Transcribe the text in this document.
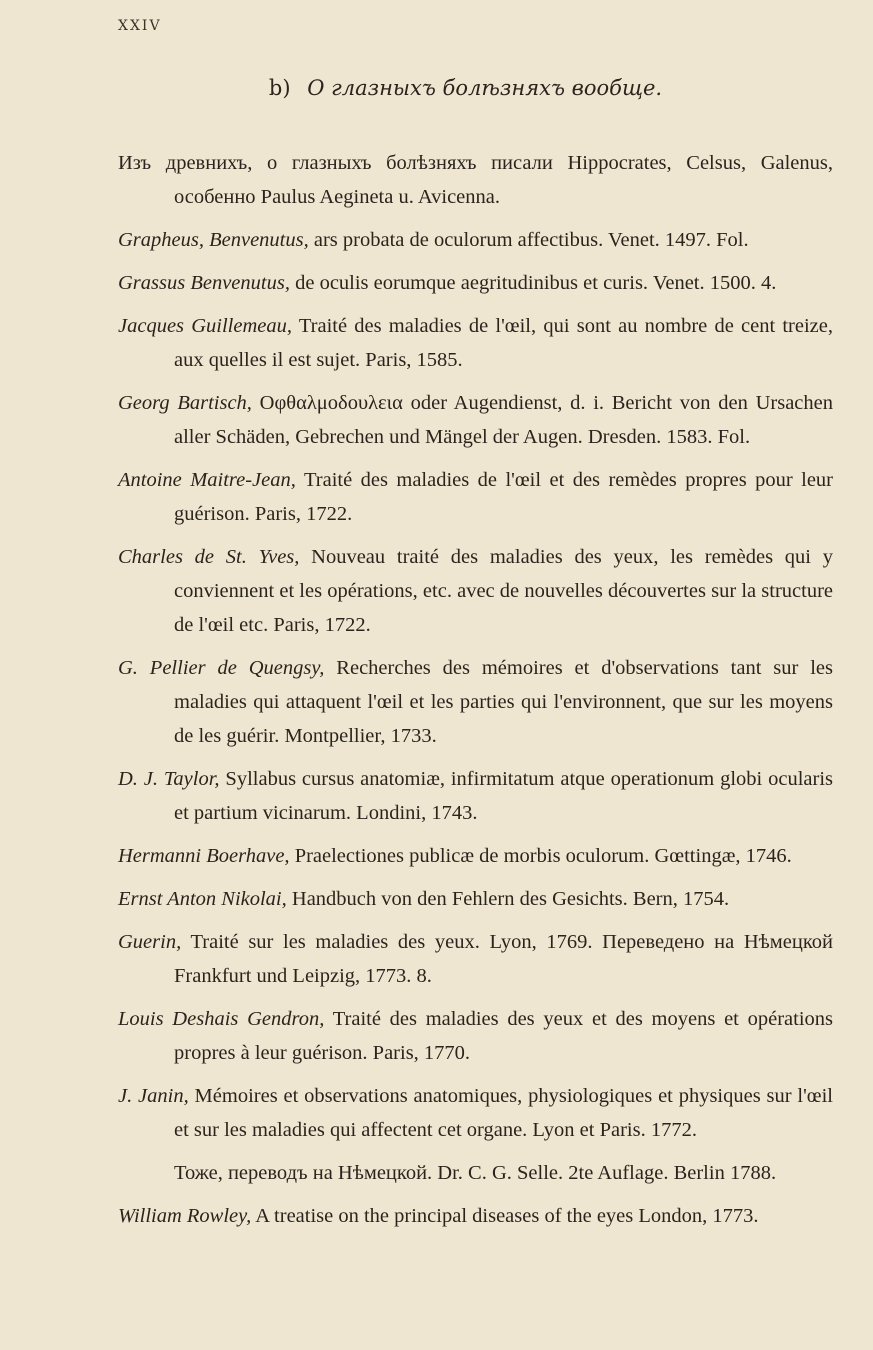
XXIV
b) О глазныхъ болѣзняхъ вообще.
Изъ древнихъ, о глазныхъ болѣзняхъ писали Hippocrates, Celsus, Galenus, особенно Paulus Aegineta u. Avicenna.
Grapheus, Benvenutus, ars probata de oculorum affectibus. Venet. 1497. Fol.
Grassus Benvenutus, de oculis eorumque aegritudinibus et curis. Venet. 1500. 4.
Jacques Guillemeau, Traité des maladies de l'œil, qui sont au nombre de cent treize, aux quelles il est sujet. Paris, 1585.
Georg Bartisch, Οφθαλμοδουλεια oder Augendienst, d. i. Bericht von den Ursachen aller Schäden, Gebrechen und Mängel der Augen. Dresden. 1583. Fol.
Antoine Maitre-Jean, Traité des maladies de l'œil et des remèdes propres pour leur guérison. Paris, 1722.
Charles de St. Yves, Nouveau traité des maladies des yeux, les remèdes qui y conviennent et les opérations, etc. avec de nouvelles découvertes sur la structure de l'œil etc. Paris, 1722.
G. Pellier de Quengsy, Recherches des mémoires et d'observations tant sur les maladies qui attaquent l'œil et les parties qui l'environnent, que sur les moyens de les guérir. Montpellier, 1733.
D. J. Taylor, Syllabus cursus anatomiæ, infirmitatum atque operationum globi ocularis et partium vicinarum. Londini, 1743.
Hermanni Boerhave, Praelectiones publicæ de morbis oculorum. Gœttingæ, 1746.
Ernst Anton Nikolai, Handbuch von den Fehlern des Gesichts. Bern, 1754.
Guerin, Traité sur les maladies des yeux. Lyon, 1769. Переведено на Нѣмецкой Frankfurt und Leipzig, 1773. 8.
Louis Deshais Gendron, Traité des maladies des yeux et des moyens et opérations propres à leur guérison. Paris, 1770.
J. Janin, Mémoires et observations anatomiques, physiologiques et physiques sur l'œil et sur les maladies qui affectent cet organe. Lyon et Paris. 1772.
Тоже, переводъ на Нѣмецкой. Dr. C. G. Selle. 2te Auflage. Berlin 1788.
William Rowley, A treatise on the principal diseases of the eyes London, 1773.
